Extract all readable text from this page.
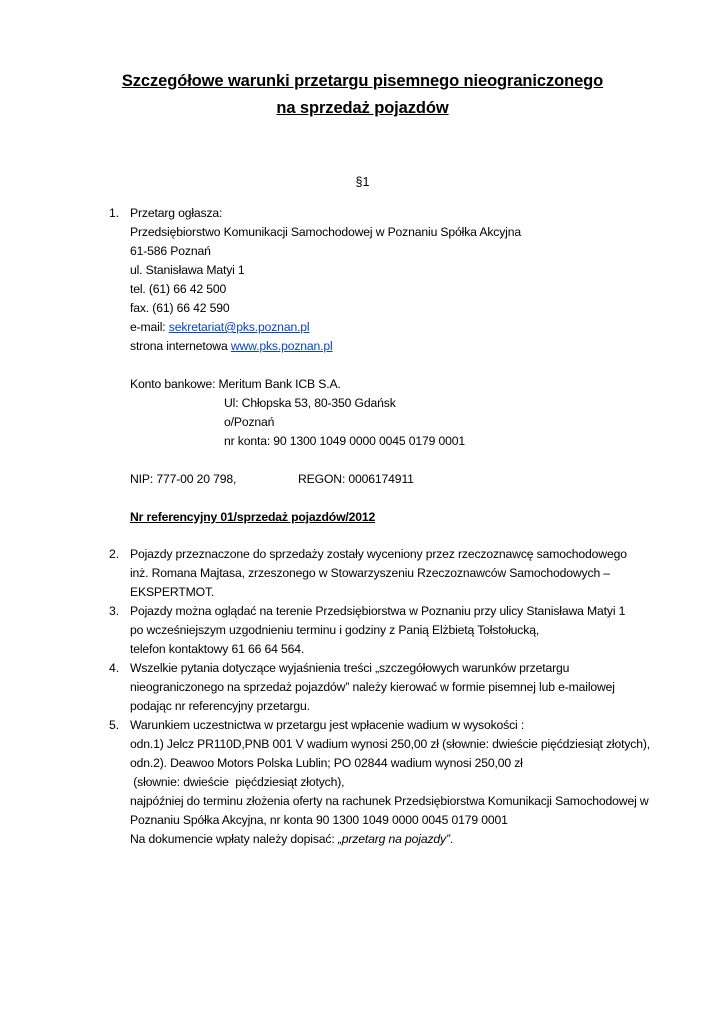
Szczegółowe warunki przetargu pisemnego nieograniczonego
na sprzedaż pojazdów
§1
1. Przetarg ogłasza:
Przedsiębiorstwo Komunikacji Samochodowej w Poznaniu Spółka Akcyjna
61-586 Poznań
ul. Stanisława Matyi 1
tel. (61) 66 42 500
fax. (61) 66 42 590
e-mail: sekretariat@pks.poznan.pl
strona internetowa www.pks.poznan.pl
Konto bankowe: Meritum Bank ICB S.A.
Ul: Chłopska 53, 80-350 Gdańsk
o/Poznań
nr konta: 90 1300 1049 0000 0045 0179 0001
NIP: 777-00 20 798,	REGON: 0006174911
Nr referencyjny 01/sprzedaż pojazdów/2012
2. Pojazdy przeznaczone do sprzedaży zostały wyceniony przez rzeczoznawcę samochodowego
inż. Romana Majtasa, zrzeszonego w Stowarzyszeniu Rzeczoznawców Samochodowych –
EKSPERTMOT.
3. Pojazdy można oglądać na terenie Przedsiębiorstwa w Poznaniu przy ulicy Stanisława Matyi 1
po wcześniejszym uzgodnieniu terminu i godziny z Panią Elżbietą Tołstołucką,
telefon kontaktowy 61 66 64 564.
4. Wszelkie pytania dotyczące wyjaśnienia treści „szczegółowych warunków przetargu
nieograniczonego na sprzedaż pojazdów” należy kierować w formie pisemnej lub e-mailowej
podając nr referencyjny przetargu.
5. Warunkiem uczestnictwa w przetargu jest wpłacenie wadium w wysokości :
odn.1) Jelcz PR110D,PNB 001 V wadium wynosi 250,00 zł (słownie: dwieście pięćdziesiąt złotych),
odn.2). Deawoo Motors Polska Lublin; PO 02844 wadium wynosi 250,00 zł
(słownie: dwieście  pięćdziesiąt złotych),
najpóźniej do terminu złożenia oferty na rachunek Przedsiębiorstwa Komunikacji Samochodowej w
Poznaniu Spółka Akcyjna, nr konta 90 1300 1049 0000 0045 0179 0001
Na dokumencie wpłaty należy dopisać: „przetarg na pojazdy”.
